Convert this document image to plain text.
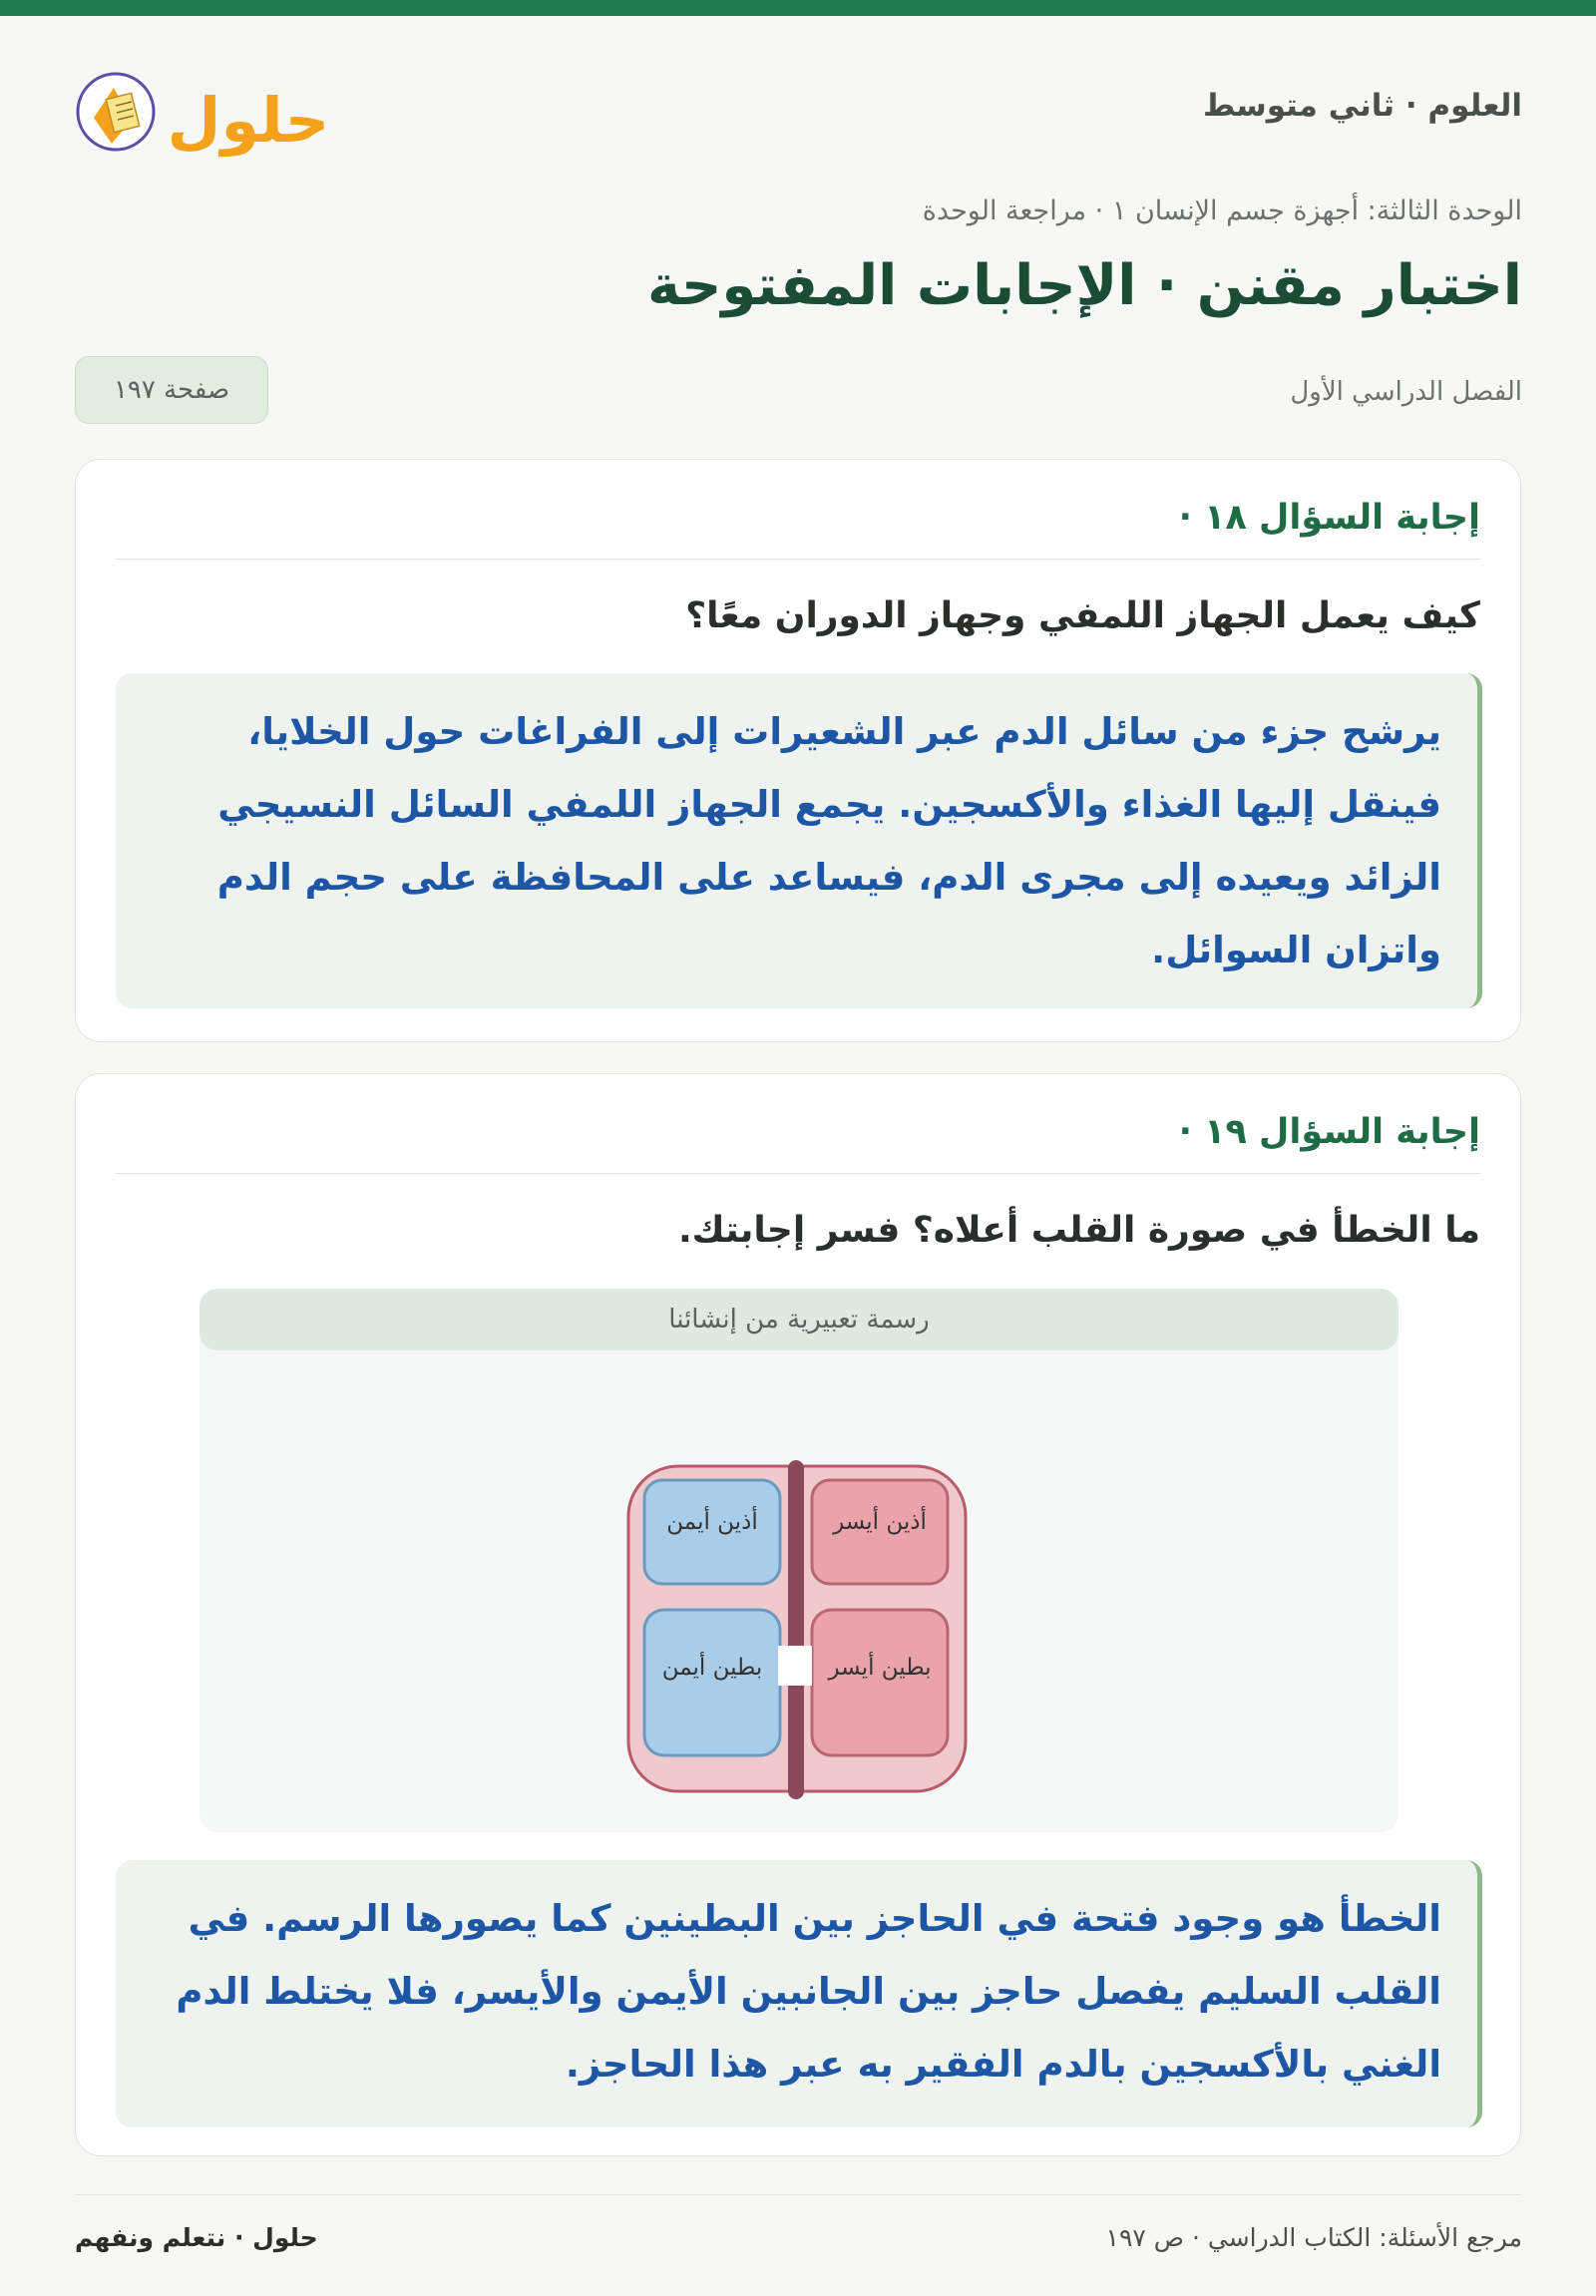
العلوم · ثاني متوسط
حلول
الوحدة الثالثة: أجهزة جسم الإنسان ١ · مراجعة الوحدة
اختبار مقنن · الإجابات المفتوحة
الفصل الدراسي الأول
صفحة ١٩٧
إجابة السؤال ١٨ ·
كيف يعمل الجهاز اللمفي وجهاز الدوران معًا؟
يرشح جزء من سائل الدم عبر الشعيرات إلى الفراغات حول الخلايا، فينقل إليها الغذاء والأكسجين. يجمع الجهاز اللمفي السائل النسيجي الزائد ويعيده إلى مجرى الدم، فيساعد على المحافظة على حجم الدم واتزان السوائل.
إجابة السؤال ١٩ ·
ما الخطأ في صورة القلب أعلاه؟ فسر إجابتك.
رسمة تعبيرية من إنشائنا
أذين أيمن	أذين أيسر
بطين أيمن	بطين أيسر
الخطأ هو وجود فتحة في الحاجز بين البطينين كما يصورها الرسم. في القلب السليم يفصل حاجز بين الجانبين الأيمن والأيسر، فلا يختلط الدم الغني بالأكسجين بالدم الفقير به عبر هذا الحاجز.
مرجع الأسئلة: الكتاب الدراسي · ص ١٩٧
حلول · نتعلم ونفهم
